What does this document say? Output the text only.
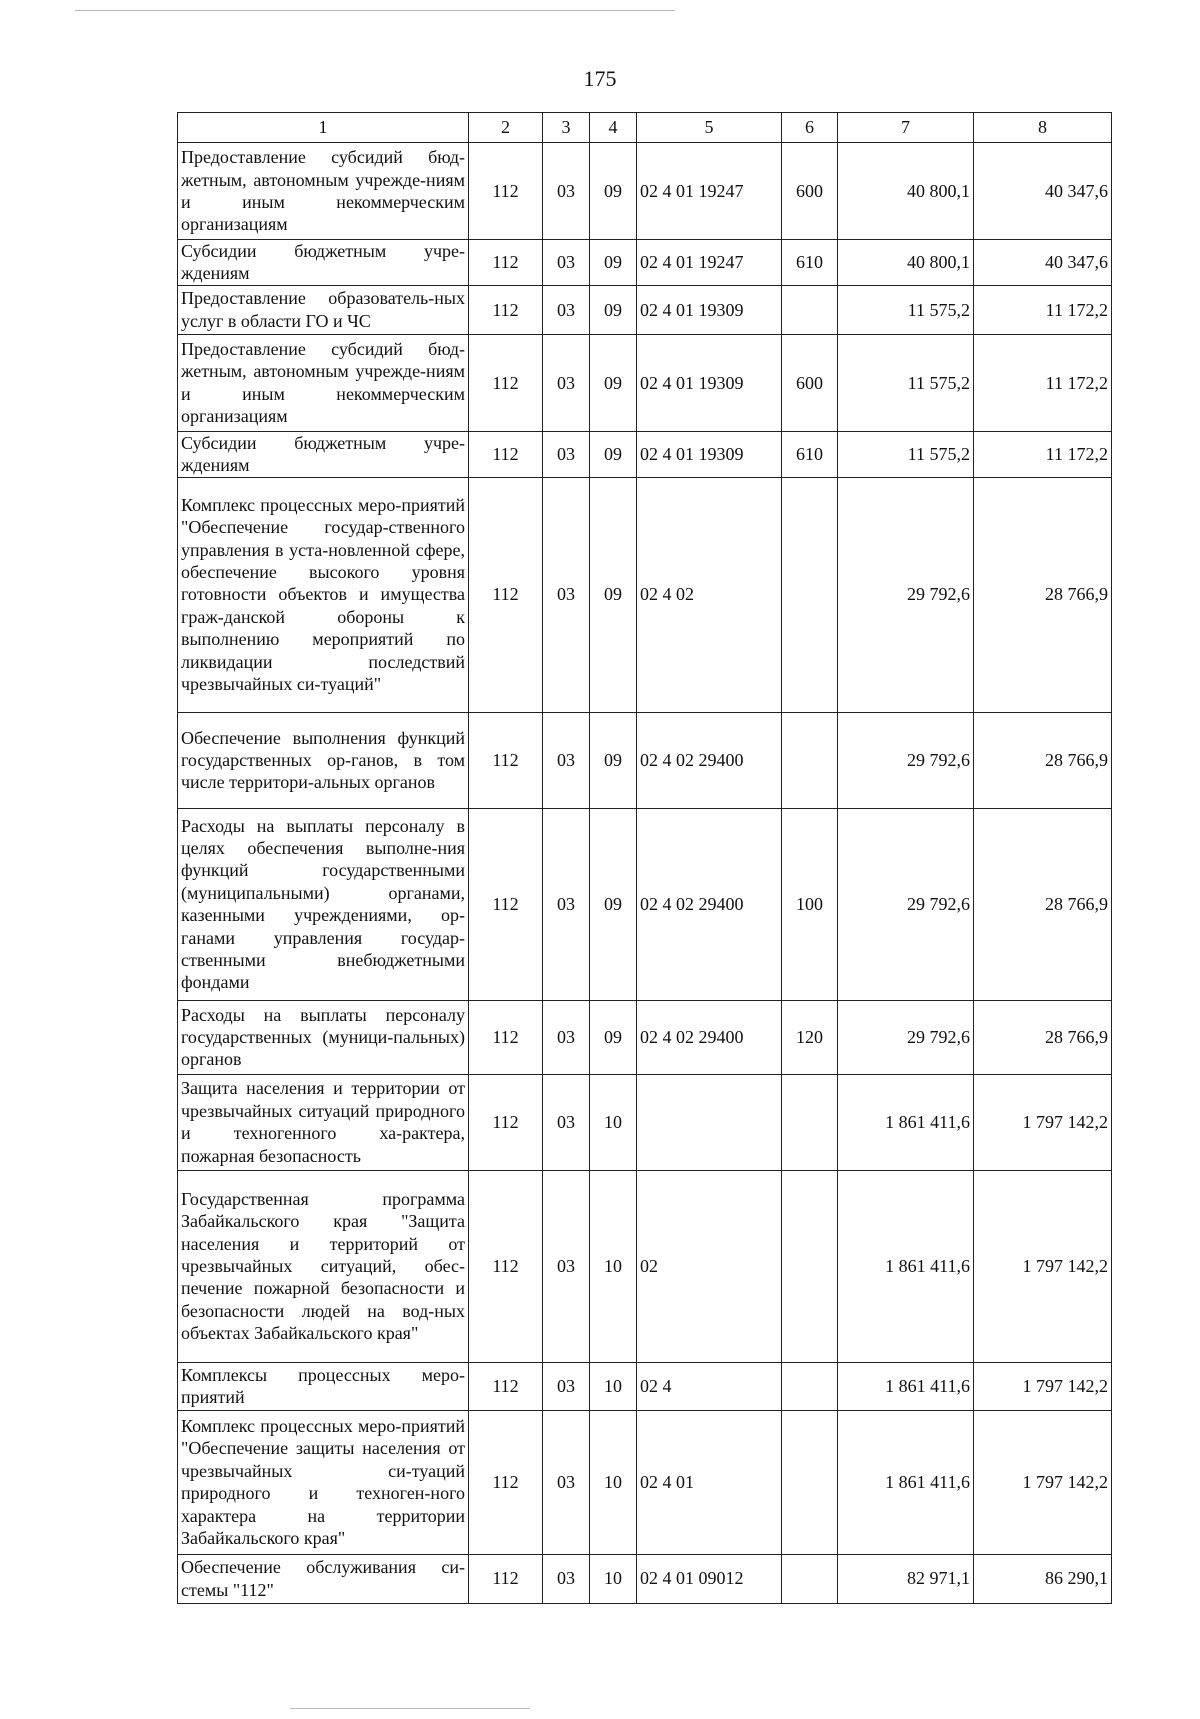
175
1	2	3	4	5	6	7	8
Предоставление субсидий бюд-жетным, автономным учрежде-ниям и иным некоммерческим организациям	112	03	09	02 4 01 19247	600	40 800,1	40 347,6
Субсидии бюджетным учре-ждениям	112	03	09	02 4 01 19247	610	40 800,1	40 347,6
Предоставление образователь-ных услуг в области ГО и ЧС	112	03	09	02 4 01 19309		11 575,2	11 172,2
Предоставление субсидий бюд-жетным, автономным учрежде-ниям и иным некоммерческим организациям	112	03	09	02 4 01 19309	600	11 575,2	11 172,2
Субсидии бюджетным учре-ждениям	112	03	09	02 4 01 19309	610	11 575,2	11 172,2
Комплекс процессных меро-приятий "Обеспечение государ-ственного управления в уста-новленной сфере, обеспечение высокого уровня готовности объектов и имущества граж-данской обороны к выполнению мероприятий по ликвидации последствий чрезвычайных си-туаций"	112	03	09	02 4 02		29 792,6	28 766,9
Обеспечение выполнения функций государственных ор-ганов, в том числе территори-альных органов	112	03	09	02 4 02 29400		29 792,6	28 766,9
Расходы на выплаты персоналу в целях обеспечения выполне-ния функций государственными (муниципальными) органами, казенными учреждениями, ор-ганами управления государ-ственными внебюджетными фондами	112	03	09	02 4 02 29400	100	29 792,6	28 766,9
Расходы на выплаты персоналу государственных (муници-пальных) органов	112	03	09	02 4 02 29400	120	29 792,6	28 766,9
Защита населения и территории от чрезвычайных ситуаций природного и техногенного ха-рактера, пожарная безопасность	112	03	10			1 861 411,6	1 797 142,2
Государственная программа Забайкальского края "Защита населения и территорий от чрезвычайных ситуаций, обес-печение пожарной безопасности и безопасности людей на вод-ных объектах Забайкальского края"	112	03	10	02		1 861 411,6	1 797 142,2
Комплексы процессных меро-приятий	112	03	10	02 4		1 861 411,6	1 797 142,2
Комплекс процессных меро-приятий "Обеспечение защиты населения от чрезвычайных си-туаций природного и техноген-ного характера на территории Забайкальского края"	112	03	10	02 4 01		1 861 411,6	1 797 142,2
Обеспечение обслуживания си-стемы "112"	112	03	10	02 4 01 09012		82 971,1	86 290,1
